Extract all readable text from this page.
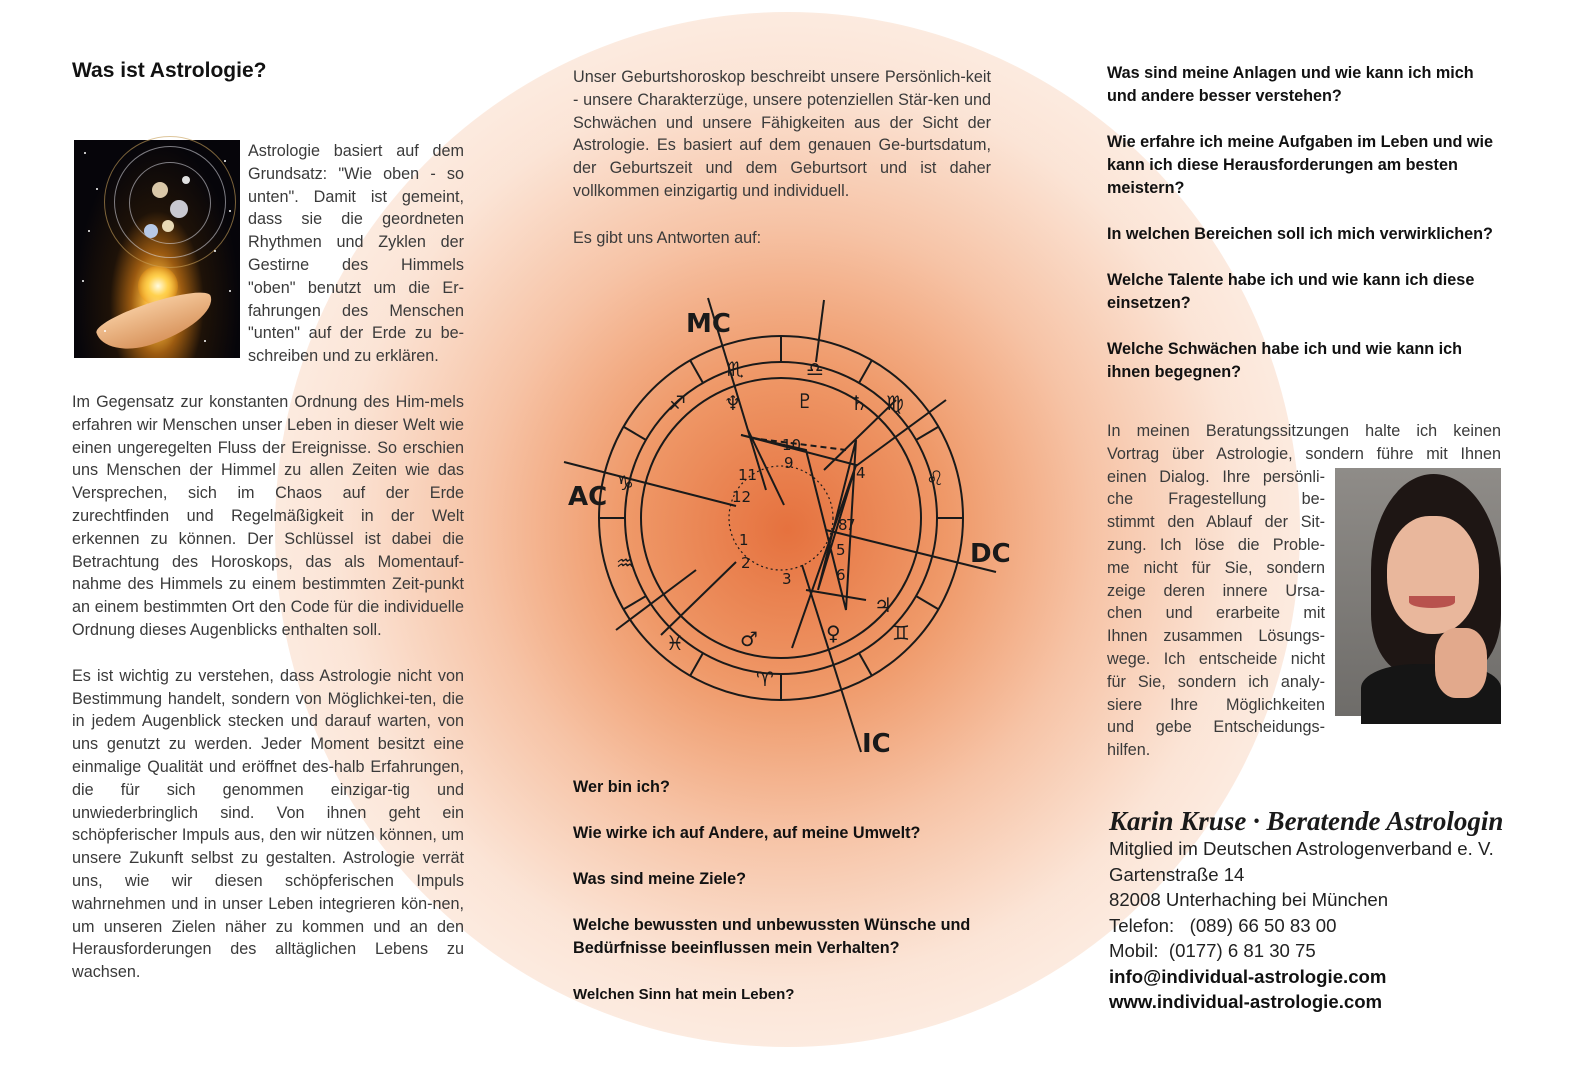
Was ist Astrologie?

Astrologie basiert auf dem

Grundsatz: "Wie oben - so

unten". Damit ist gemeint,

dass sie die geordneten

Rhythmen und Zyklen der

Gestirne des Himmels

"oben" benutzt um die Er-

fahrungen des Menschen

"unten" auf der Erde zu be-

schreiben und zu erklären.

Im Gegensatz zur konstanten Ordnung des Him-mels erfahren wir Menschen unser Leben in dieser Welt wie einen ungeregelten Fluss der Ereignisse. So erschien uns Menschen der Himmel zu allen Zeiten wie das Versprechen, sich im Chaos auf der Erde zurechtfinden und Regelmäßigkeit in der Welt erkennen zu können. Der Schlüssel ist dabei die Betrachtung des Horoskops, das als Momentauf-nahme des Himmels zu einem bestimmten Zeit-punkt an einem bestimmten Ort den Code für die individuelle Ordnung dieses Augenblicks enthalten soll.

Es ist wichtig zu verstehen, dass Astrologie nicht von Bestimmung handelt, sondern von Möglichkei-ten, die in jedem Augenblick stecken und darauf warten, von uns genutzt zu werden. Jeder Moment besitzt eine einmalige Qualität und eröffnet des-halb Erfahrungen, die für sich genommen einzigar-tig und unwiederbringlich sind. Von ihnen geht ein schöpferischer Impuls aus, den wir nützen können, um unsere Zukunft selbst zu gestalten. Astrologie verrät uns, wie wir diesen schöpferischen Impuls wahrnehmen und in unser Leben integrieren kön-nen, um unseren Zielen näher zu kommen und an den Herausforderungen des alltäglichen Lebens zu wachsen.

Unser Geburtshoroskop beschreibt unsere Persönlich-keit - unsere Charakterzüge, unsere potenziellen Stär-ken und Schwächen und unsere Fähigkeiten aus der Sicht der Astrologie. Es basiert auf dem genauen Ge-burtsdatum, der Geburtszeit und dem Geburtsort und ist daher vollkommen einzigartig und individuell.

Es gibt uns Antworten auf:

MC
AC
DC
IC
1
2
3
4
5
6
7
8
9
10
11
12
♆	♄ ♍
♌
♑
♒
♓	♂	♀
♃
♊
♈
♎
♏
♐	♇

Wer bin ich?

Wie wirke ich auf Andere, auf meine Umwelt?

Was sind meine Ziele?

Welche bewussten und unbewussten Wünsche und Bedürfnisse beeinflussen mein Verhalten?

Welchen Sinn hat mein Leben?

Was sind meine Anlagen und wie kann ich mich und andere besser verstehen?

Wie erfahre ich meine Aufgaben im Leben und wie kann ich diese Herausforderungen am besten meistern?

In welchen Bereichen soll ich mich verwirklichen?

Welche Talente habe ich und wie kann ich diese einsetzen?

Welche Schwächen habe ich und wie kann ich ihnen begegnen?

In meinen Beratungssitzungen halte ich keinen

Vortrag über Astrologie, sondern führe mit Ihnen

einen Dialog. Ihre persönli-

che Fragestellung be-

stimmt den Ablauf der Sit-

zung. Ich löse die Proble-

me nicht für Sie, sondern

zeige deren innere Ursa-

chen und erarbeite mit

Ihnen zusammen Lösungs-

wege. Ich entscheide nicht

für Sie, sondern ich analy-

siere Ihre Möglichkeiten

und gebe Entscheidungs-

hilfen.

Karin Kruse · Beratende Astrologin

Mitglied im Deutschen Astrologenverband e. V.

Gartenstraße 14

82008 Unterhaching bei München

Telefon:   (089) 66 50 83 00

Mobil:  (0177) 6 81 30 75

info@individual-astrologie.com

www.individual-astrologie.com
